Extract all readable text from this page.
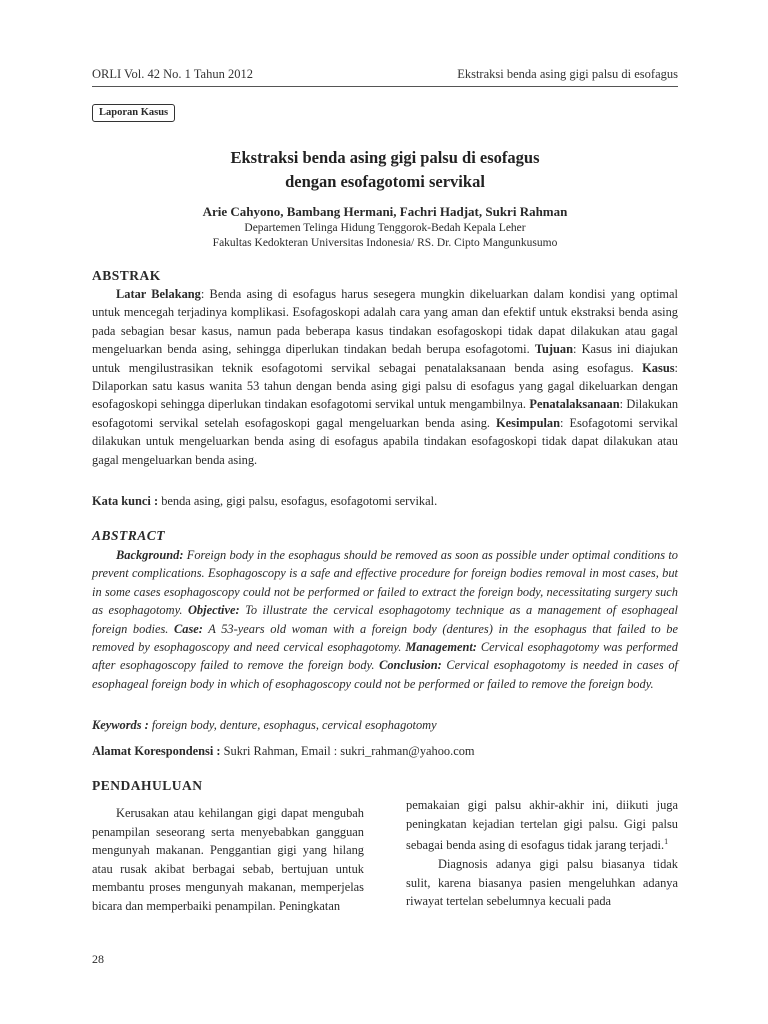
ORLI Vol. 42 No. 1 Tahun 2012	Ekstraksi benda asing gigi palsu di esofagus
Laporan Kasus
Ekstraksi benda asing gigi palsu di esofagus
dengan esofagotomi servikal
Arie Cahyono, Bambang Hermani, Fachri Hadjat, Sukri Rahman
Departemen Telinga Hidung Tenggorok-Bedah Kepala Leher
Fakultas Kedokteran Universitas Indonesia/ RS. Dr. Cipto Mangunkusumo
ABSTRAK

Latar Belakang: Benda asing di esofagus harus sesegera mungkin dikeluarkan dalam kondisi yang optimal untuk mencegah terjadinya komplikasi. Esofagoskopi adalah cara yang aman dan efektif untuk ekstraksi benda asing pada sebagian besar kasus, namun pada beberapa kasus tindakan esofagoskopi tidak dapat dilakukan atau gagal mengeluarkan benda asing, sehingga diperlukan tindakan bedah berupa esofagotomi. Tujuan: Kasus ini diajukan untuk mengilustrasikan teknik esofagotomi servikal sebagai penatalaksanaan benda asing esofagus. Kasus: Dilaporkan satu kasus wanita 53 tahun dengan benda asing gigi palsu di esofagus yang gagal dikeluarkan dengan esofagoskopi sehingga diperlukan tindakan esofagotomi servikal untuk mengambilnya. Penatalaksanaan: Dilakukan esofagotomi servikal setelah esofagoskopi gagal mengeluarkan benda asing. Kesimpulan: Esofagotomi servikal dilakukan untuk mengeluarkan benda asing di esofagus apabila tindakan esofagoskopi tidak dapat dilakukan atau gagal mengeluarkan benda asing.

Kata kunci : benda asing, gigi palsu, esofagus, esofagotomi servikal.
ABSTRACT

Background: Foreign body in the esophagus should be removed as soon as possible under optimal conditions to prevent complications. Esophagoscopy is a safe and effective procedure for foreign bodies removal in most cases, but in some cases esophagoscopy could not be performed or failed to extract the foreign body, necessitating surgery such as esophagotomy. Objective: To illustrate the cervical esophagotomy technique as a management of esophageal foreign bodies. Case: A 53-years old woman with a foreign body (dentures) in the esophagus that failed to be removed by esophagoscopy and need cervical esophagotomy. Management: Cervical esophagotomy was performed after esophagoscopy failed to remove the foreign body. Conclusion: Cervical esophagotomy is needed in cases of esophageal foreign body in which of esophagoscopy could not be performed or failed to remove the foreign body.

Keywords : foreign body, denture, esophagus, cervical esophagotomy
Alamat Korespondensi : Sukri Rahman, Email : sukri_rahman@yahoo.com
PENDAHULUAN

Kerusakan atau kehilangan gigi dapat mengubah penampilan seseorang serta menyebabkan gangguan mengunyah makanan. Penggantian gigi yang hilang atau rusak akibat berbagai sebab, bertujuan untuk membantu proses mengunyah makanan, memperjelas bicara dan memperbaiki penampilan. Peningkatan

pemakaian gigi palsu akhir-akhir ini, diikuti juga peningkatan kejadian tertelan gigi palsu. Gigi palsu sebagai benda asing di esofagus tidak jarang terjadi.$^1$

Diagnosis adanya gigi palsu biasanya tidak sulit, karena biasanya pasien mengeluhkan adanya riwayat tertelan sebelumnya kecuali pada

28
